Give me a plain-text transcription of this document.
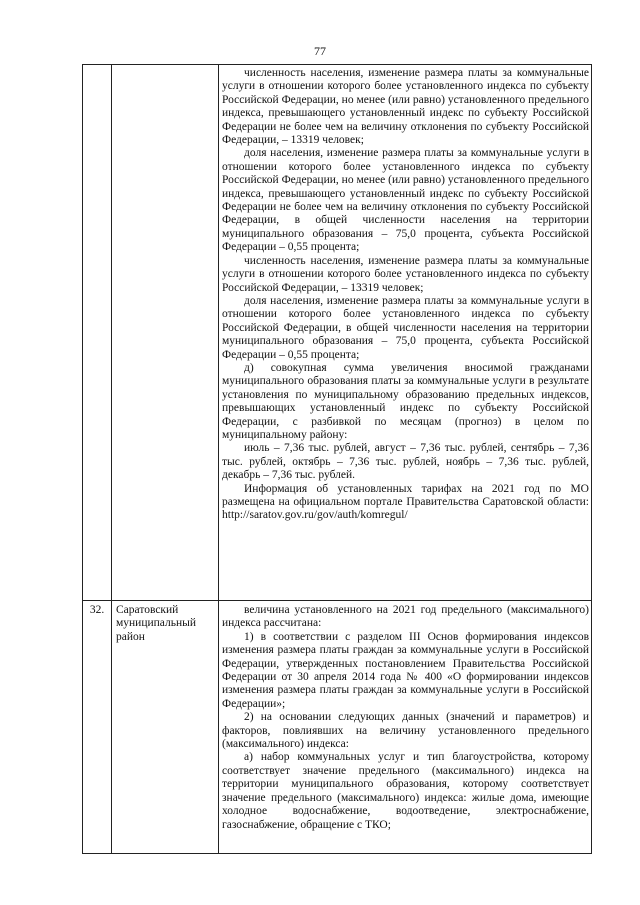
77

численность населения, изменение размера платы за коммунальные услуги в отношении которого более установленного индекса по субъекту Российской Федерации, но менее (или равно) установленного предельного индекса, превышающего установленный индекс по субъекту Российской Федерации не более чем на величину отклонения по субъекту Российской Федерации, – 13319 человек;

доля населения, изменение размера платы за коммунальные услуги в отношении которого более установленного индекса по субъекту Российской Федерации, но менее (или равно) установленного предельного индекса, превышающего установленный индекс по субъекту Российской Федерации не более чем на величину отклонения по субъекту Российской Федерации, в общей численности населения на территории муниципального образования – 75,0 процента, субъекта Российской Федерации – 0,55 процента;

численность населения, изменение размера платы за коммунальные услуги в отношении которого более установленного индекса по субъекту Российской Федерации, – 13319 человек;

доля населения, изменение размера платы за коммунальные услуги в отношении которого более установленного индекса по субъекту Российской Федерации, в общей численности населения на территории муниципального образования – 75,0 процента, субъекта Российской Федерации – 0,55 процента;

д) совокупная сумма увеличения вносимой гражданами муниципального образования платы за коммунальные услуги в результате установления по муниципальному образованию предельных индексов, превышающих установленный индекс по субъекту Российской Федерации, с разбивкой по месяцам (прогноз) в целом по муниципальному району:

июль – 7,36 тыс. рублей, август – 7,36 тыс. рублей, сентябрь – 7,36 тыс. рублей, октябрь – 7,36 тыс. рублей, ноябрь – 7,36 тыс. рублей, декабрь – 7,36 тыс. рублей.

Информация об установленных тарифах на 2021 год по МО размещена на официальном портале Правительства Саратовской области: http://saratov.gov.ru/gov/auth/komregul/

32.	Саратовский муниципальный район

величина установленного на 2021 год предельного (максимального) индекса рассчитана:

1) в соответствии с разделом III Основ формирования индексов изменения размера платы граждан за коммунальные услуги в Российской Федерации, утвержденных постановлением Правительства Российской Федерации от 30 апреля 2014 года № 400 «О формировании индексов изменения размера платы граждан за коммунальные услуги в Российской Федерации»;

2) на основании следующих данных (значений и параметров) и факторов, повлиявших на величину установленного предельного (максимального) индекса:

а) набор коммунальных услуг и тип благоустройства, которому соответствует значение предельного (максимального) индекса на территории муниципального образования, которому соответствует значение предельного (максимального) индекса: жилые дома, имеющие холодное водоснабжение, водоотведение, электроснабжение, газоснабжение, обращение с ТКО;
